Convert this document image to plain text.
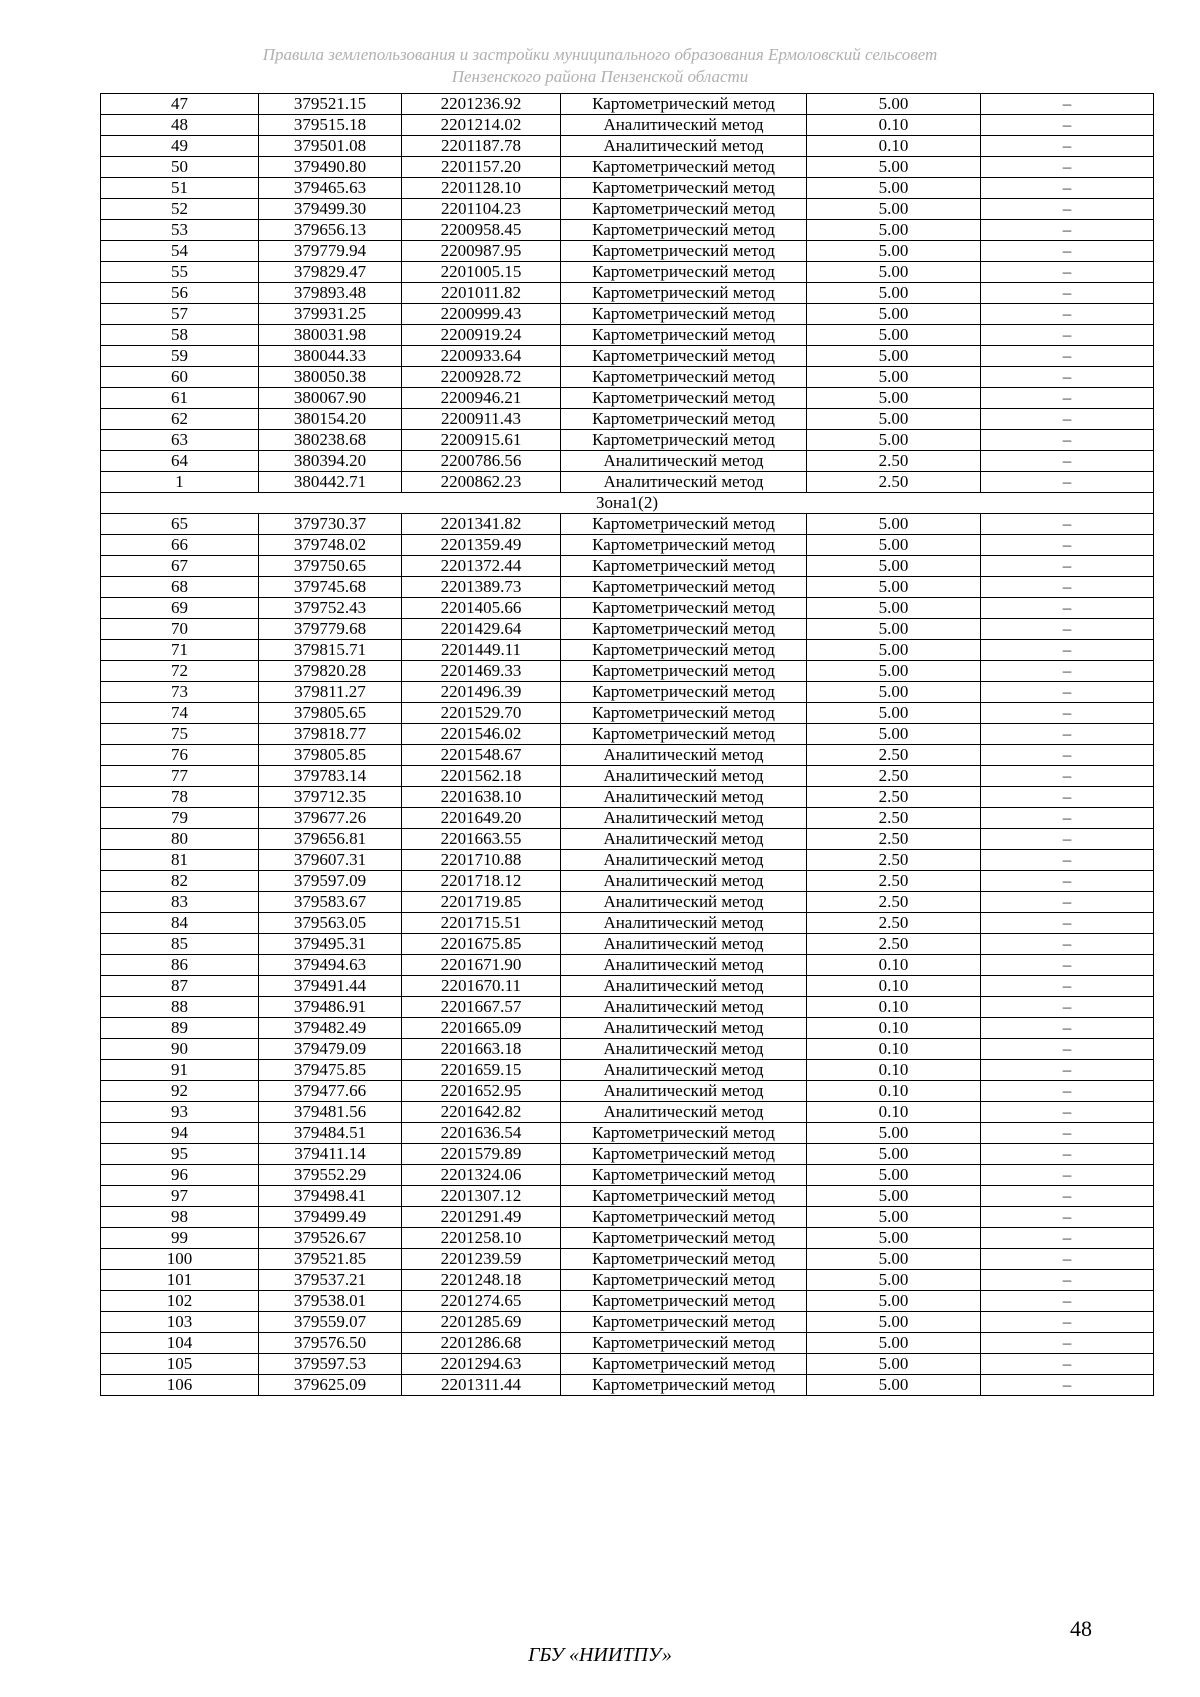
Правила землепользования и застройки муниципального образования Ермоловский сельсовет
Пензенского района Пензенской области
47	379521.15	2201236.92	Картометрический метод	5.00	–
48	379515.18	2201214.02	Аналитический метод	0.10	–
49	379501.08	2201187.78	Аналитический метод	0.10	–
50	379490.80	2201157.20	Картометрический метод	5.00	–
51	379465.63	2201128.10	Картометрический метод	5.00	–
52	379499.30	2201104.23	Картометрический метод	5.00	–
53	379656.13	2200958.45	Картометрический метод	5.00	–
54	379779.94	2200987.95	Картометрический метод	5.00	–
55	379829.47	2201005.15	Картометрический метод	5.00	–
56	379893.48	2201011.82	Картометрический метод	5.00	–
57	379931.25	2200999.43	Картометрический метод	5.00	–
58	380031.98	2200919.24	Картометрический метод	5.00	–
59	380044.33	2200933.64	Картометрический метод	5.00	–
60	380050.38	2200928.72	Картометрический метод	5.00	–
61	380067.90	2200946.21	Картометрический метод	5.00	–
62	380154.20	2200911.43	Картометрический метод	5.00	–
63	380238.68	2200915.61	Картометрический метод	5.00	–
64	380394.20	2200786.56	Аналитический метод	2.50	–
1	380442.71	2200862.23	Аналитический метод	2.50	–
Зона1(2)					
65	379730.37	2201341.82	Картометрический метод	5.00	–
66	379748.02	2201359.49	Картометрический метод	5.00	–
67	379750.65	2201372.44	Картометрический метод	5.00	–
68	379745.68	2201389.73	Картометрический метод	5.00	–
69	379752.43	2201405.66	Картометрический метод	5.00	–
70	379779.68	2201429.64	Картометрический метод	5.00	–
71	379815.71	2201449.11	Картометрический метод	5.00	–
72	379820.28	2201469.33	Картометрический метод	5.00	–
73	379811.27	2201496.39	Картометрический метод	5.00	–
74	379805.65	2201529.70	Картометрический метод	5.00	–
75	379818.77	2201546.02	Картометрический метод	5.00	–
76	379805.85	2201548.67	Аналитический метод	2.50	–
77	379783.14	2201562.18	Аналитический метод	2.50	–
78	379712.35	2201638.10	Аналитический метод	2.50	–
79	379677.26	2201649.20	Аналитический метод	2.50	–
80	379656.81	2201663.55	Аналитический метод	2.50	–
81	379607.31	2201710.88	Аналитический метод	2.50	–
82	379597.09	2201718.12	Аналитический метод	2.50	–
83	379583.67	2201719.85	Аналитический метод	2.50	–
84	379563.05	2201715.51	Аналитический метод	2.50	–
85	379495.31	2201675.85	Аналитический метод	2.50	–
86	379494.63	2201671.90	Аналитический метод	0.10	–
87	379491.44	2201670.11	Аналитический метод	0.10	–
88	379486.91	2201667.57	Аналитический метод	0.10	–
89	379482.49	2201665.09	Аналитический метод	0.10	–
90	379479.09	2201663.18	Аналитический метод	0.10	–
91	379475.85	2201659.15	Аналитический метод	0.10	–
92	379477.66	2201652.95	Аналитический метод	0.10	–
93	379481.56	2201642.82	Аналитический метод	0.10	–
94	379484.51	2201636.54	Картометрический метод	5.00	–
95	379411.14	2201579.89	Картометрический метод	5.00	–
96	379552.29	2201324.06	Картометрический метод	5.00	–
97	379498.41	2201307.12	Картометрический метод	5.00	–
98	379499.49	2201291.49	Картометрический метод	5.00	–
99	379526.67	2201258.10	Картометрический метод	5.00	–
100	379521.85	2201239.59	Картометрический метод	5.00	–
101	379537.21	2201248.18	Картометрический метод	5.00	–
102	379538.01	2201274.65	Картометрический метод	5.00	–
103	379559.07	2201285.69	Картометрический метод	5.00	–
104	379576.50	2201286.68	Картометрический метод	5.00	–
105	379597.53	2201294.63	Картометрический метод	5.00	–
106	379625.09	2201311.44	Картометрический метод	5.00	–
48
ГБУ «НИИТПУ»
